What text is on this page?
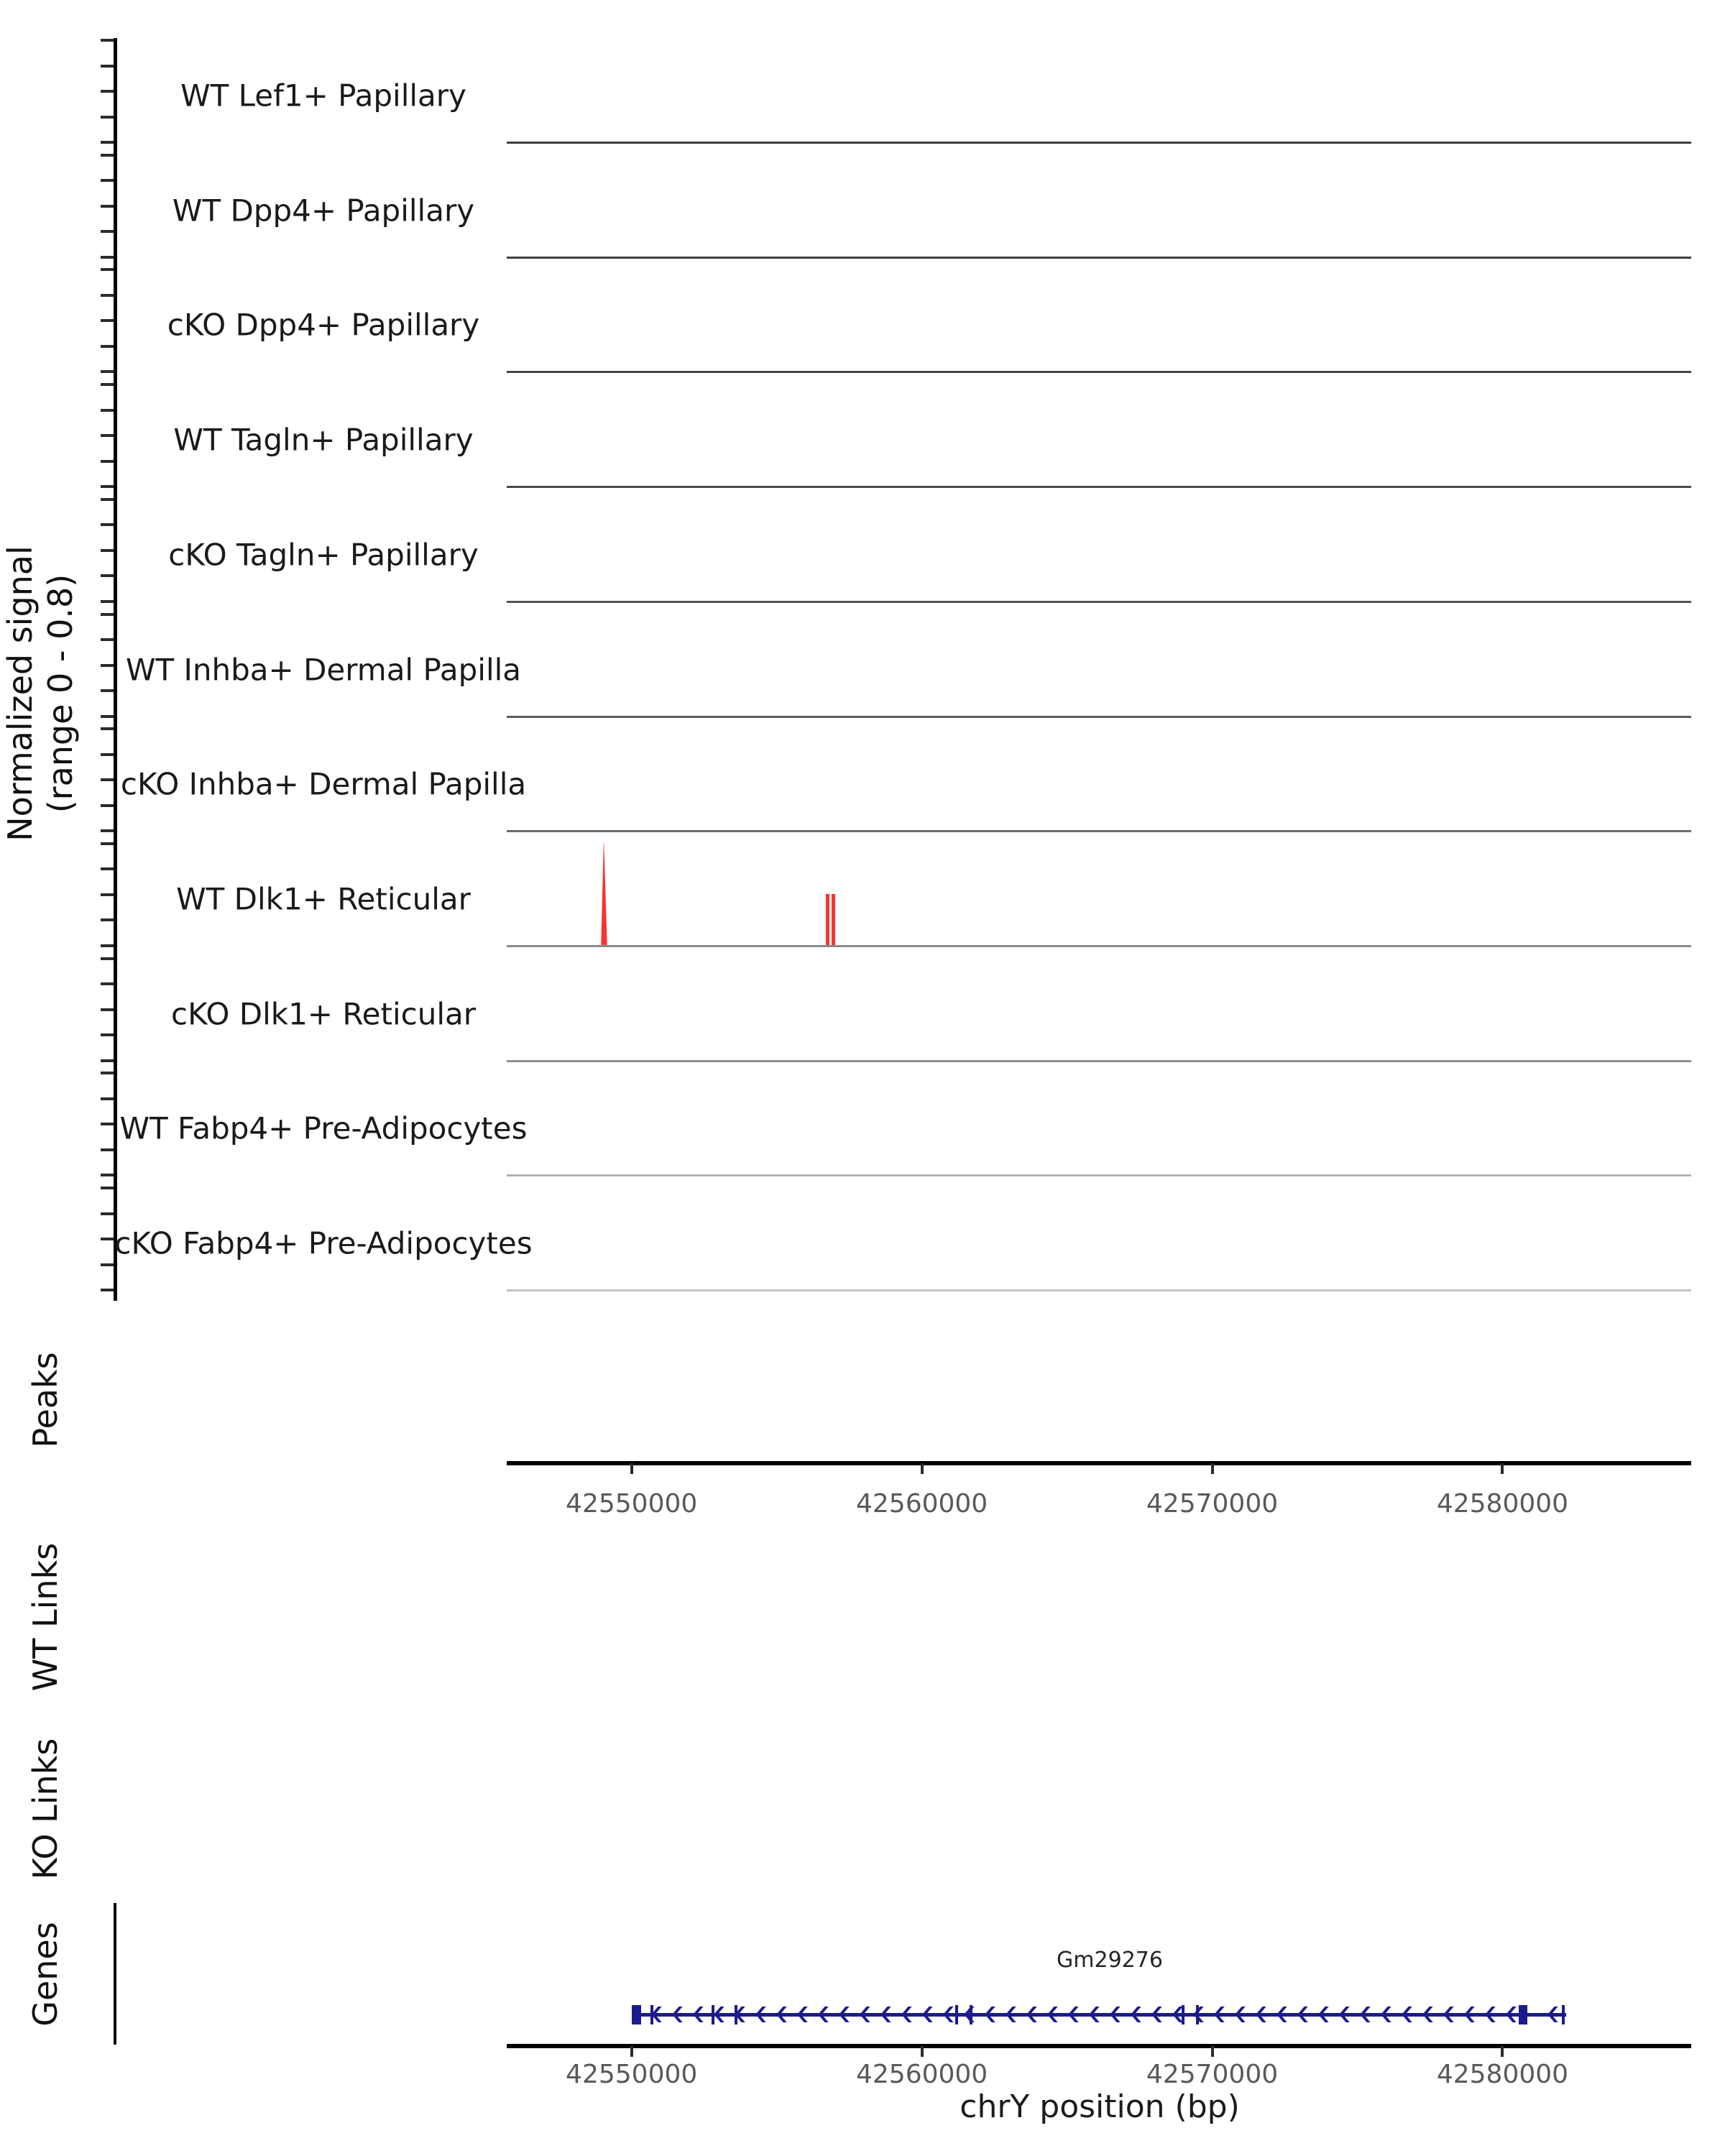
Normalized signal (range 0 - 0.8)
Peaks
WT Links
KO Links
Genes
WT Lef1+ Papillary
WT Dpp4+ Papillary
cKO Dpp4+ Papillary
WT Tagln+ Papillary
cKO Tagln+ Papillary
WT Inhba+ Dermal Papilla
cKO Inhba+ Dermal Papilla
WT Dlk1+ Reticular
cKO Dlk1+ Reticular
WT Fabp4+ Pre-Adipocytes
cKO Fabp4+ Pre-Adipocytes
42550000	42560000	42570000	42580000
Gm29276
42550000	42560000	42570000	42580000
chrY position (bp)
